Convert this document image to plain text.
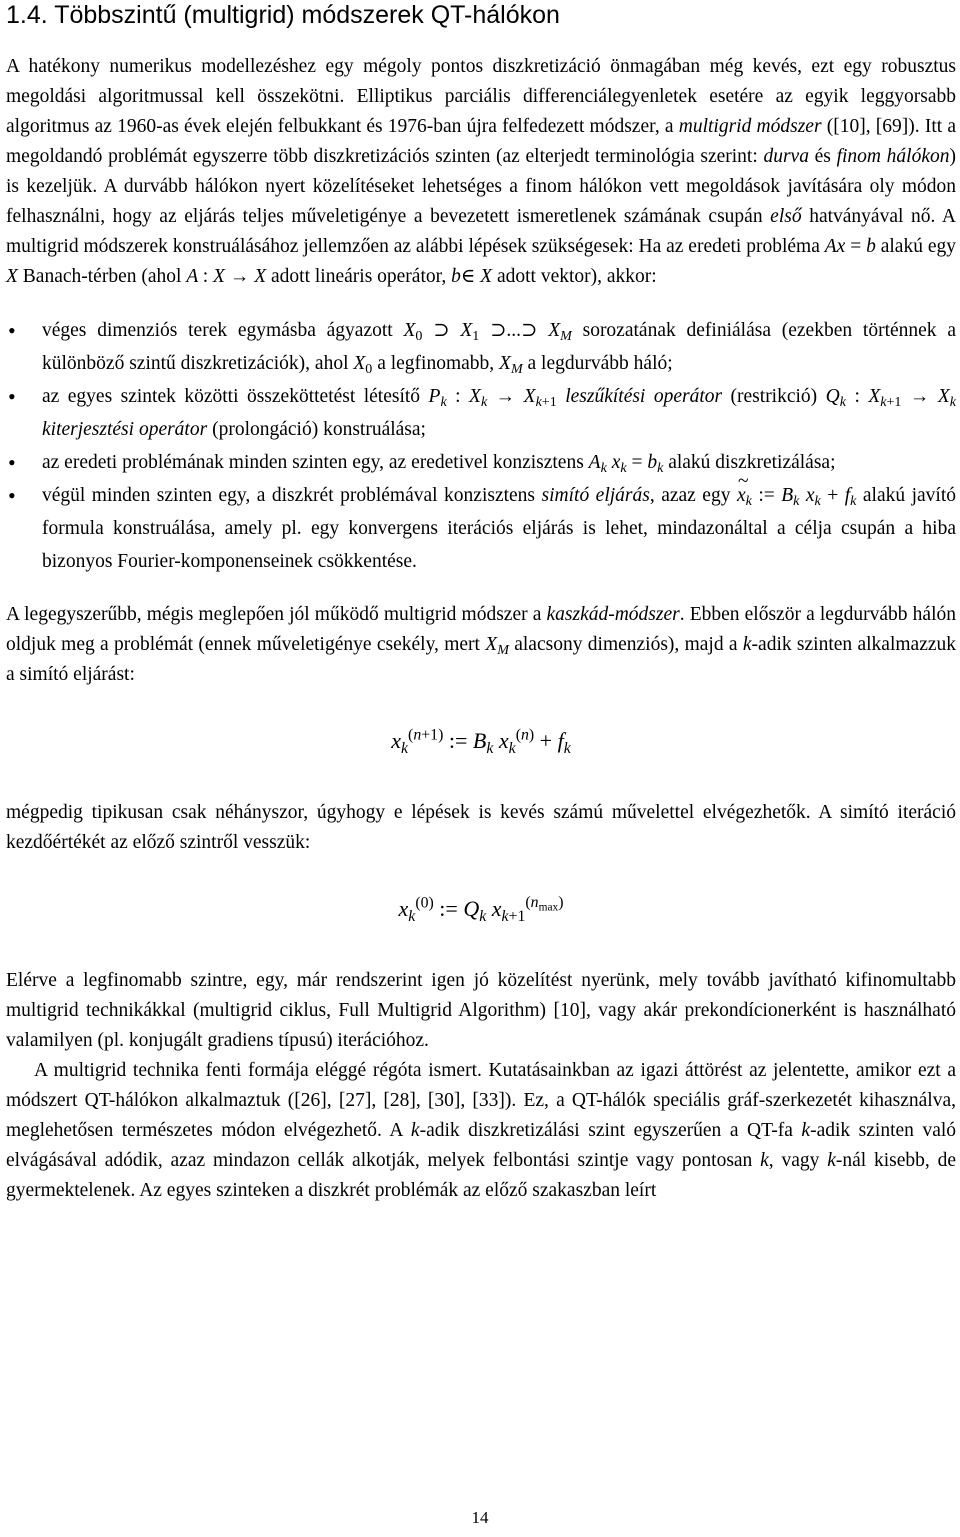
1.4. Többszintű (multigrid) módszerek QT-hálókon

A hatékony numerikus modellezéshez egy mégoly pontos diszkretizáció önmagában még kevés, ezt egy robusztus megoldási algoritmussal kell összekötni. Elliptikus parciális differenciálegyenletek esetére az egyik leggyorsabb algoritmus az 1960-as évek elején felbukkant és 1976-ban újra felfedezett módszer, a multigrid módszer ([10], [69]). Itt a megoldandó problémát egyszerre több diszkretizációs szinten (az elterjedt terminológia szerint: durva és finom hálókon) is kezeljük. A durvább hálókon nyert közelítéseket lehetséges a finom hálókon vett megoldások javítására oly módon felhasználni, hogy az eljárás teljes műveletigénye a bevezetett ismeretlenek számának csupán első hatványával nő. A multigrid módszerek konstruálásához jellemzően az alábbi lépések szükségesek: Ha az eredeti probléma Ax = b alakú egy X Banach-térben (ahol A : X → X adott lineáris operátor, b∈ X adott vektor), akkor:

• véges dimenziós terek egymásba ágyazott $X_0$ ⊃ $X_1$ ⊃...⊃ $X_M$ sorozatának definiálása (ezekben történnek a különböző szintű diszkretizációk), ahol $X_0$ a legfinomabb, $X_M$ a legdurvább háló;
• az egyes szintek közötti összeköttetést létesítő $P_k$ : $X_k \to X_{k+1}$ leszűkítési operátor (restrikció) $Q_k$ : $X_{k+1} \to X_k$ kiterjesztési operátor (prolongáció) konstruálása;
• az eredeti problémának minden szinten egy, az eredetivel konzisztens $A_k$ $x_k = b_k$ alakú diszkretizálása;
• végül minden szinten egy, a diszkrét problémával konzisztens simító eljárás, azaz egy ~ $x_k$ := $B_k$ $x_k + f_k$ alakú javító formula konstruálása, amely pl. egy konvergens iterációs eljárás is lehet, mindazonáltal a célja csupán a hiba bizonyos Fourier-komponenseinek csökkentése.

A legegyszerűbb, mégis meglepően jól működő multigrid módszer a kaszkád-módszer. Ebben először a legdurvább hálón oldjuk meg a problémát (ennek műveletigénye csekély, mert $X_M$ alacsony dimenziós), majd a k-adik szinten alkalmazzuk a simító eljárást:

$x_k^{(n+1)}$ := $B_k$ $x_k^{(n)} + f_k$

mégpedig tipikusan csak néhányszor, úgyhogy e lépések is kevés számú művelettel elvégezhetők. A simító iteráció kezdőértékét az előző szintről vesszük:

$x_k^{(0)}$ := $Q_k$ $x_{k+1}^{(n_{max})}$

Elérve a legfinomabb szintre, egy, már rendszerint igen jó közelítést nyerünk, mely tovább javítható kifinomultabb multigrid technikákkal (multigrid ciklus, Full Multigrid Algorithm) [10], vagy akár prekondícionerként is használható valamilyen (pl. konjugált gradiens típusú) iterációhoz.

A multigrid technika fenti formája eléggé régóta ismert. Kutatásainkban az igazi áttörést az jelentette, amikor ezt a módszert QT-hálókon alkalmaztuk ([26], [27], [28], [30], [33]). Ez, a QT-hálók speciális gráf-szerkezetét kihasználva, meglehetősen természetes módon elvégezhető. A k-adik diszkretizálási szint egyszerűen a QT-fa k-adik szinten való elvágásával adódik, azaz mindazon cellák alkotják, melyek felbontási szintje vagy pontosan k, vagy k-nál kisebb, de gyermektelenek. Az egyes szinteken a diszkrét problémák az előző szakaszban leírt

14
